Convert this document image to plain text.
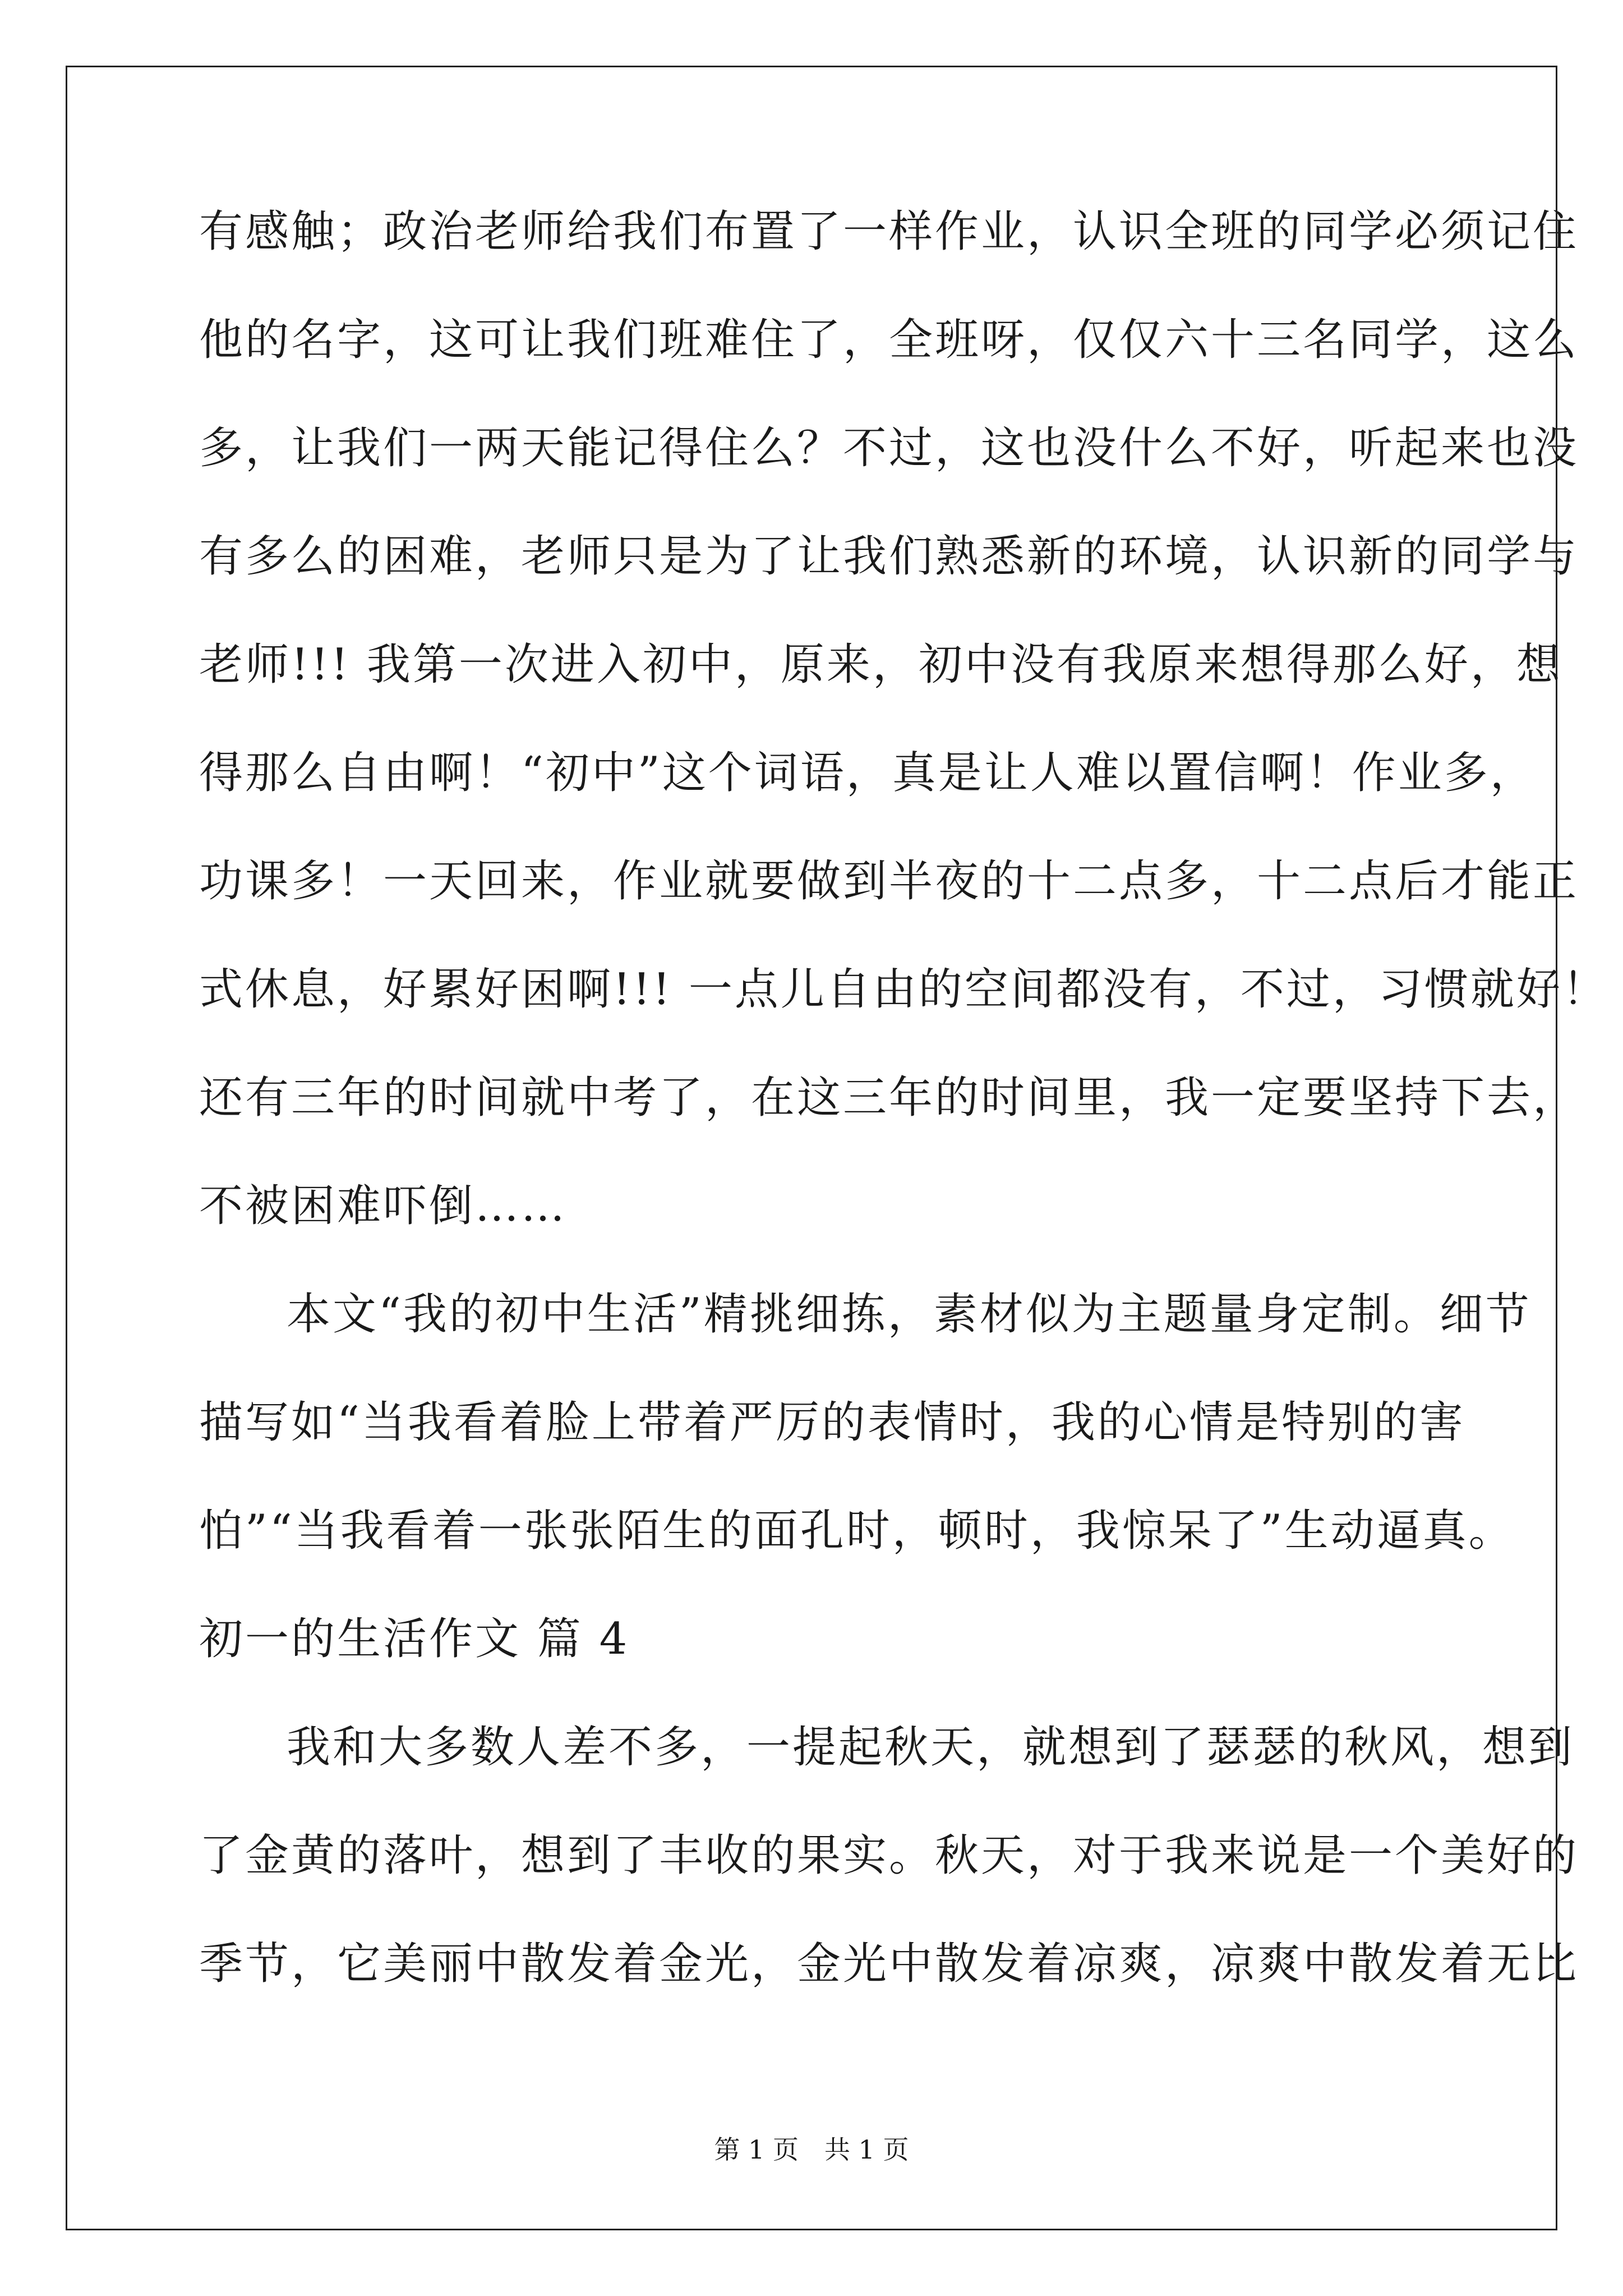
有感触；政治老师给我们布置了一样作业，认识全班的同学必须记住
他的名字，这可让我们班难住了，全班呀，仅仅六十三名同学，这么
多，让我们一两天能记得住么？不过，这也没什么不好，听起来也没
有多么的困难，老师只是为了让我们熟悉新的环境，认识新的同学与
老师!!! 我第一次进入初中，原来，初中没有我原来想得那么好，想
得那么自由啊！“初中”这个词语，真是让人难以置信啊！作业多，
功课多！一天回来，作业就要做到半夜的十二点多，十二点后才能正
式休息，好累好困啊!!! 一点儿自由的空间都没有，不过，习惯就好！
还有三年的时间就中考了，在这三年的时间里，我一定要坚持下去，
不被困难吓倒……
本文“我的初中生活”精挑细拣，素材似为主题量身定制。细节
描写如“当我看着脸上带着严厉的表情时，我的心情是特别的害
怕”“当我看着一张张陌生的面孔时，顿时，我惊呆了”生动逼真。
初一的生活作文 篇 4
我和大多数人差不多，一提起秋天，就想到了瑟瑟的秋风，想到
了金黄的落叶，想到了丰收的果实。秋天，对于我来说是一个美好的
季节，它美丽中散发着金光，金光中散发着凉爽，凉爽中散发着无比
第 1 页　共 1 页
